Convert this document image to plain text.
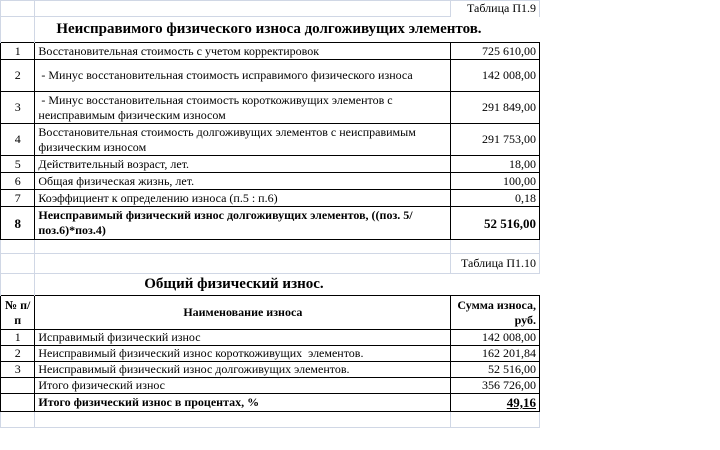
		Таблица П1.9
	Неисправимого физического износа долгоживущих элементов.	
1	Восстановительная стоимость с учетом корректировок	725 610,00
2	- Минус восстановительная стоимость исправимого физического износа	142 008,00
3	- Минус восстановительная стоимость короткоживущих элементов с неисправимым физическим износом	291 849,00
4	Восстановительная стоимость долгоживущих элементов с неисправимым физическим износом	291 753,00
5	Действительный возраст, лет.	18,00
6	Общая физическая жизнь, лет.	100,00
7	Коэффициент к определению износа (п.5 : п.6)	0,18
8	Неисправимый физический износ долгоживущих элементов, ((поз. 5/поз.6)*поз.4)	52 516,00

		Таблица П1.10
	Общий физический износ.	
№ п/п	Наименование износа	Сумма износа, руб.
1	Исправимый физический износ	142 008,00
2	Неисправимый физический износ короткоживущих  элементов.	162 201,84
3	Неисправимый физический износ долгоживущих элементов.	52 516,00
	Итого физический износ	356 726,00
	Итого физический износ в процентах, %	49,16
